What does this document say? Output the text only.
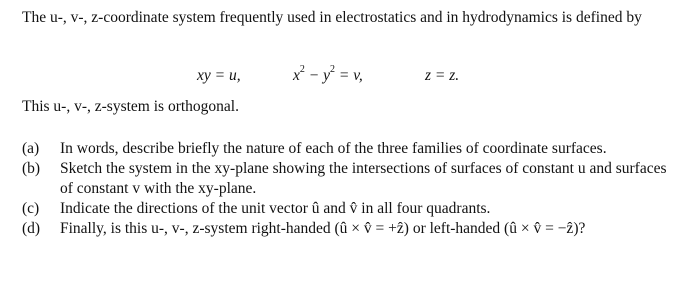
The u-, v-, z-coordinate system frequently used in electrostatics and in hydrodynamics is defined by

xy = u,	$x^2 - y^2 = v$,	z = z.

This u-, v-, z-system is orthogonal.

(a) In words, describe briefly the nature of each of the three families of coordinate surfaces.
(b) Sketch the system in the xy-plane showing the intersections of surfaces of constant u and surfaces of constant v with the xy-plane.
(c) Indicate the directions of the unit vector û and v̂ in all four quadrants.
(d) Finally, is this u-, v-, z-system right-handed (û × v̂ = +ẑ) or left-handed (û × v̂ = −ẑ)?
